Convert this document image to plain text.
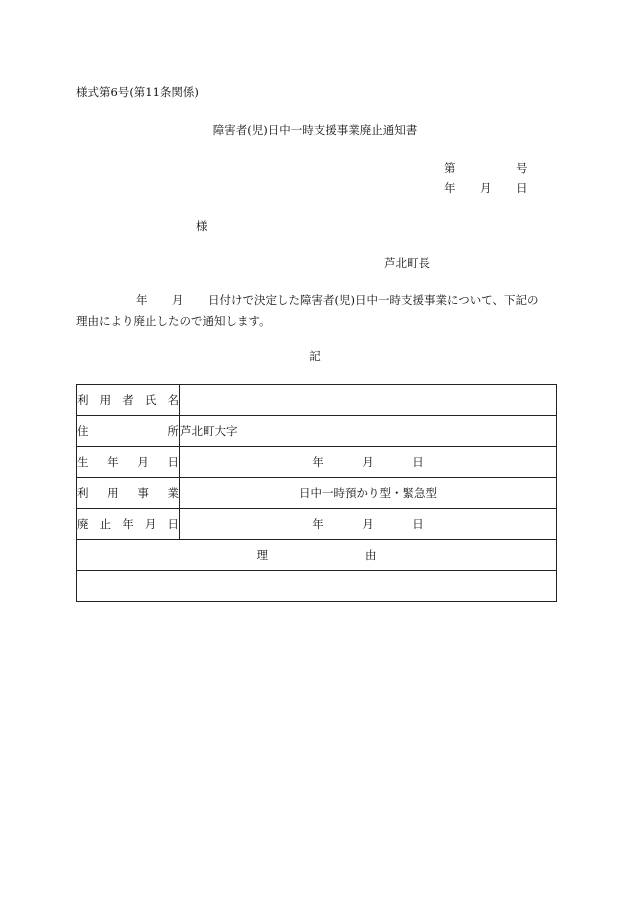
様式第6号(第11条関係)
障害者(児)日中一時支援事業廃止通知書
第	号
年 月 日
様
芦北町長
年 月 日付けで決定した障害者(児)日中一時支援事業について、下記の
理由により廃止したので通知します。
記
利 用 者 氏 名	

住 所	芦北町大字

生 年 月 日	年 月 日

利 用 事 業	日中一時預かり型・緊急型

廃 止 年 月 日	年 月 日

理 由	
